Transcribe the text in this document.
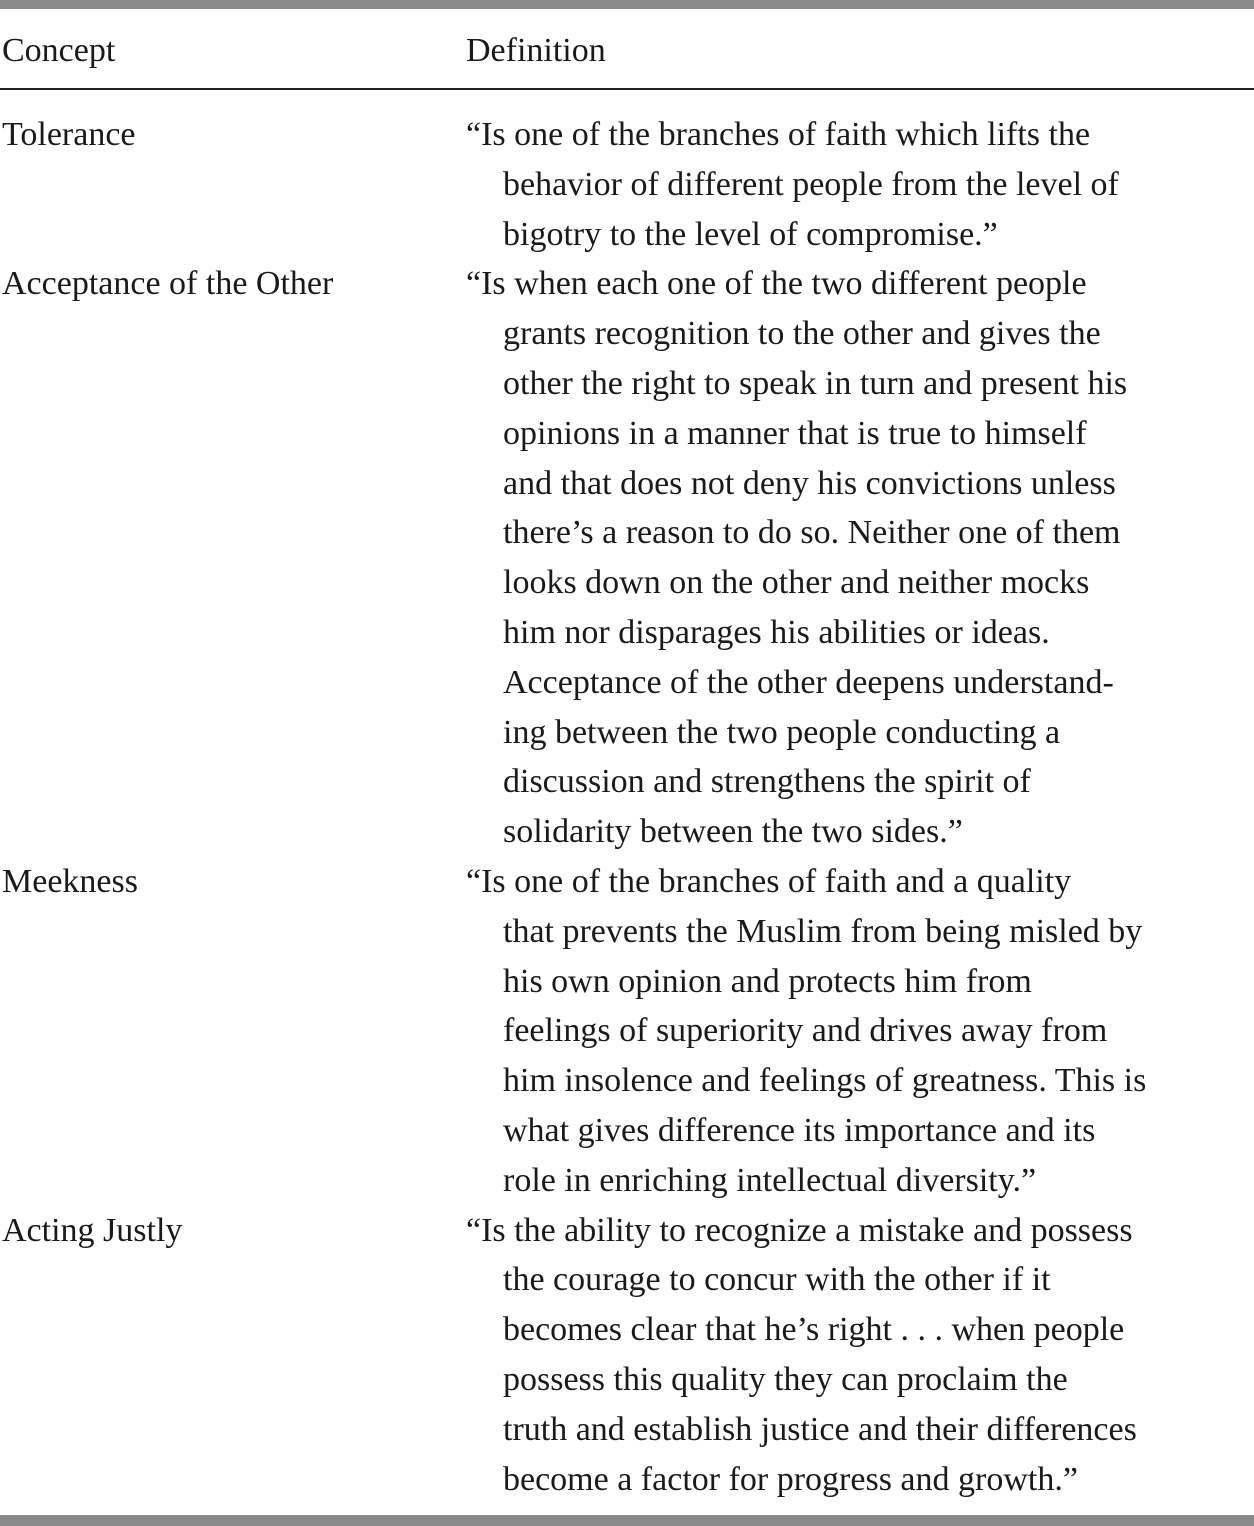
Concept	Definition
Tolerance	“Is one of the branches of faith which lifts the
behavior of different people from the level of
bigotry to the level of compromise.”
Acceptance of the Other	“Is when each one of the two different people
grants recognition to the other and gives the
other the right to speak in turn and present his
opinions in a manner that is true to himself
and that does not deny his convictions unless
there’s a reason to do so. Neither one of them
looks down on the other and neither mocks
him nor disparages his abilities or ideas.
Acceptance of the other deepens understand-
ing between the two people conducting a
discussion and strengthens the spirit of
solidarity between the two sides.”
Meekness	“Is one of the branches of faith and a quality
that prevents the Muslim from being misled by
his own opinion and protects him from
feelings of superiority and drives away from
him insolence and feelings of greatness. This is
what gives difference its importance and its
role in enriching intellectual diversity.”
Acting Justly	“Is the ability to recognize a mistake and possess
the courage to concur with the other if it
becomes clear that he’s right . . . when people
possess this quality they can proclaim the
truth and establish justice and their differences
become a factor for progress and growth.”
